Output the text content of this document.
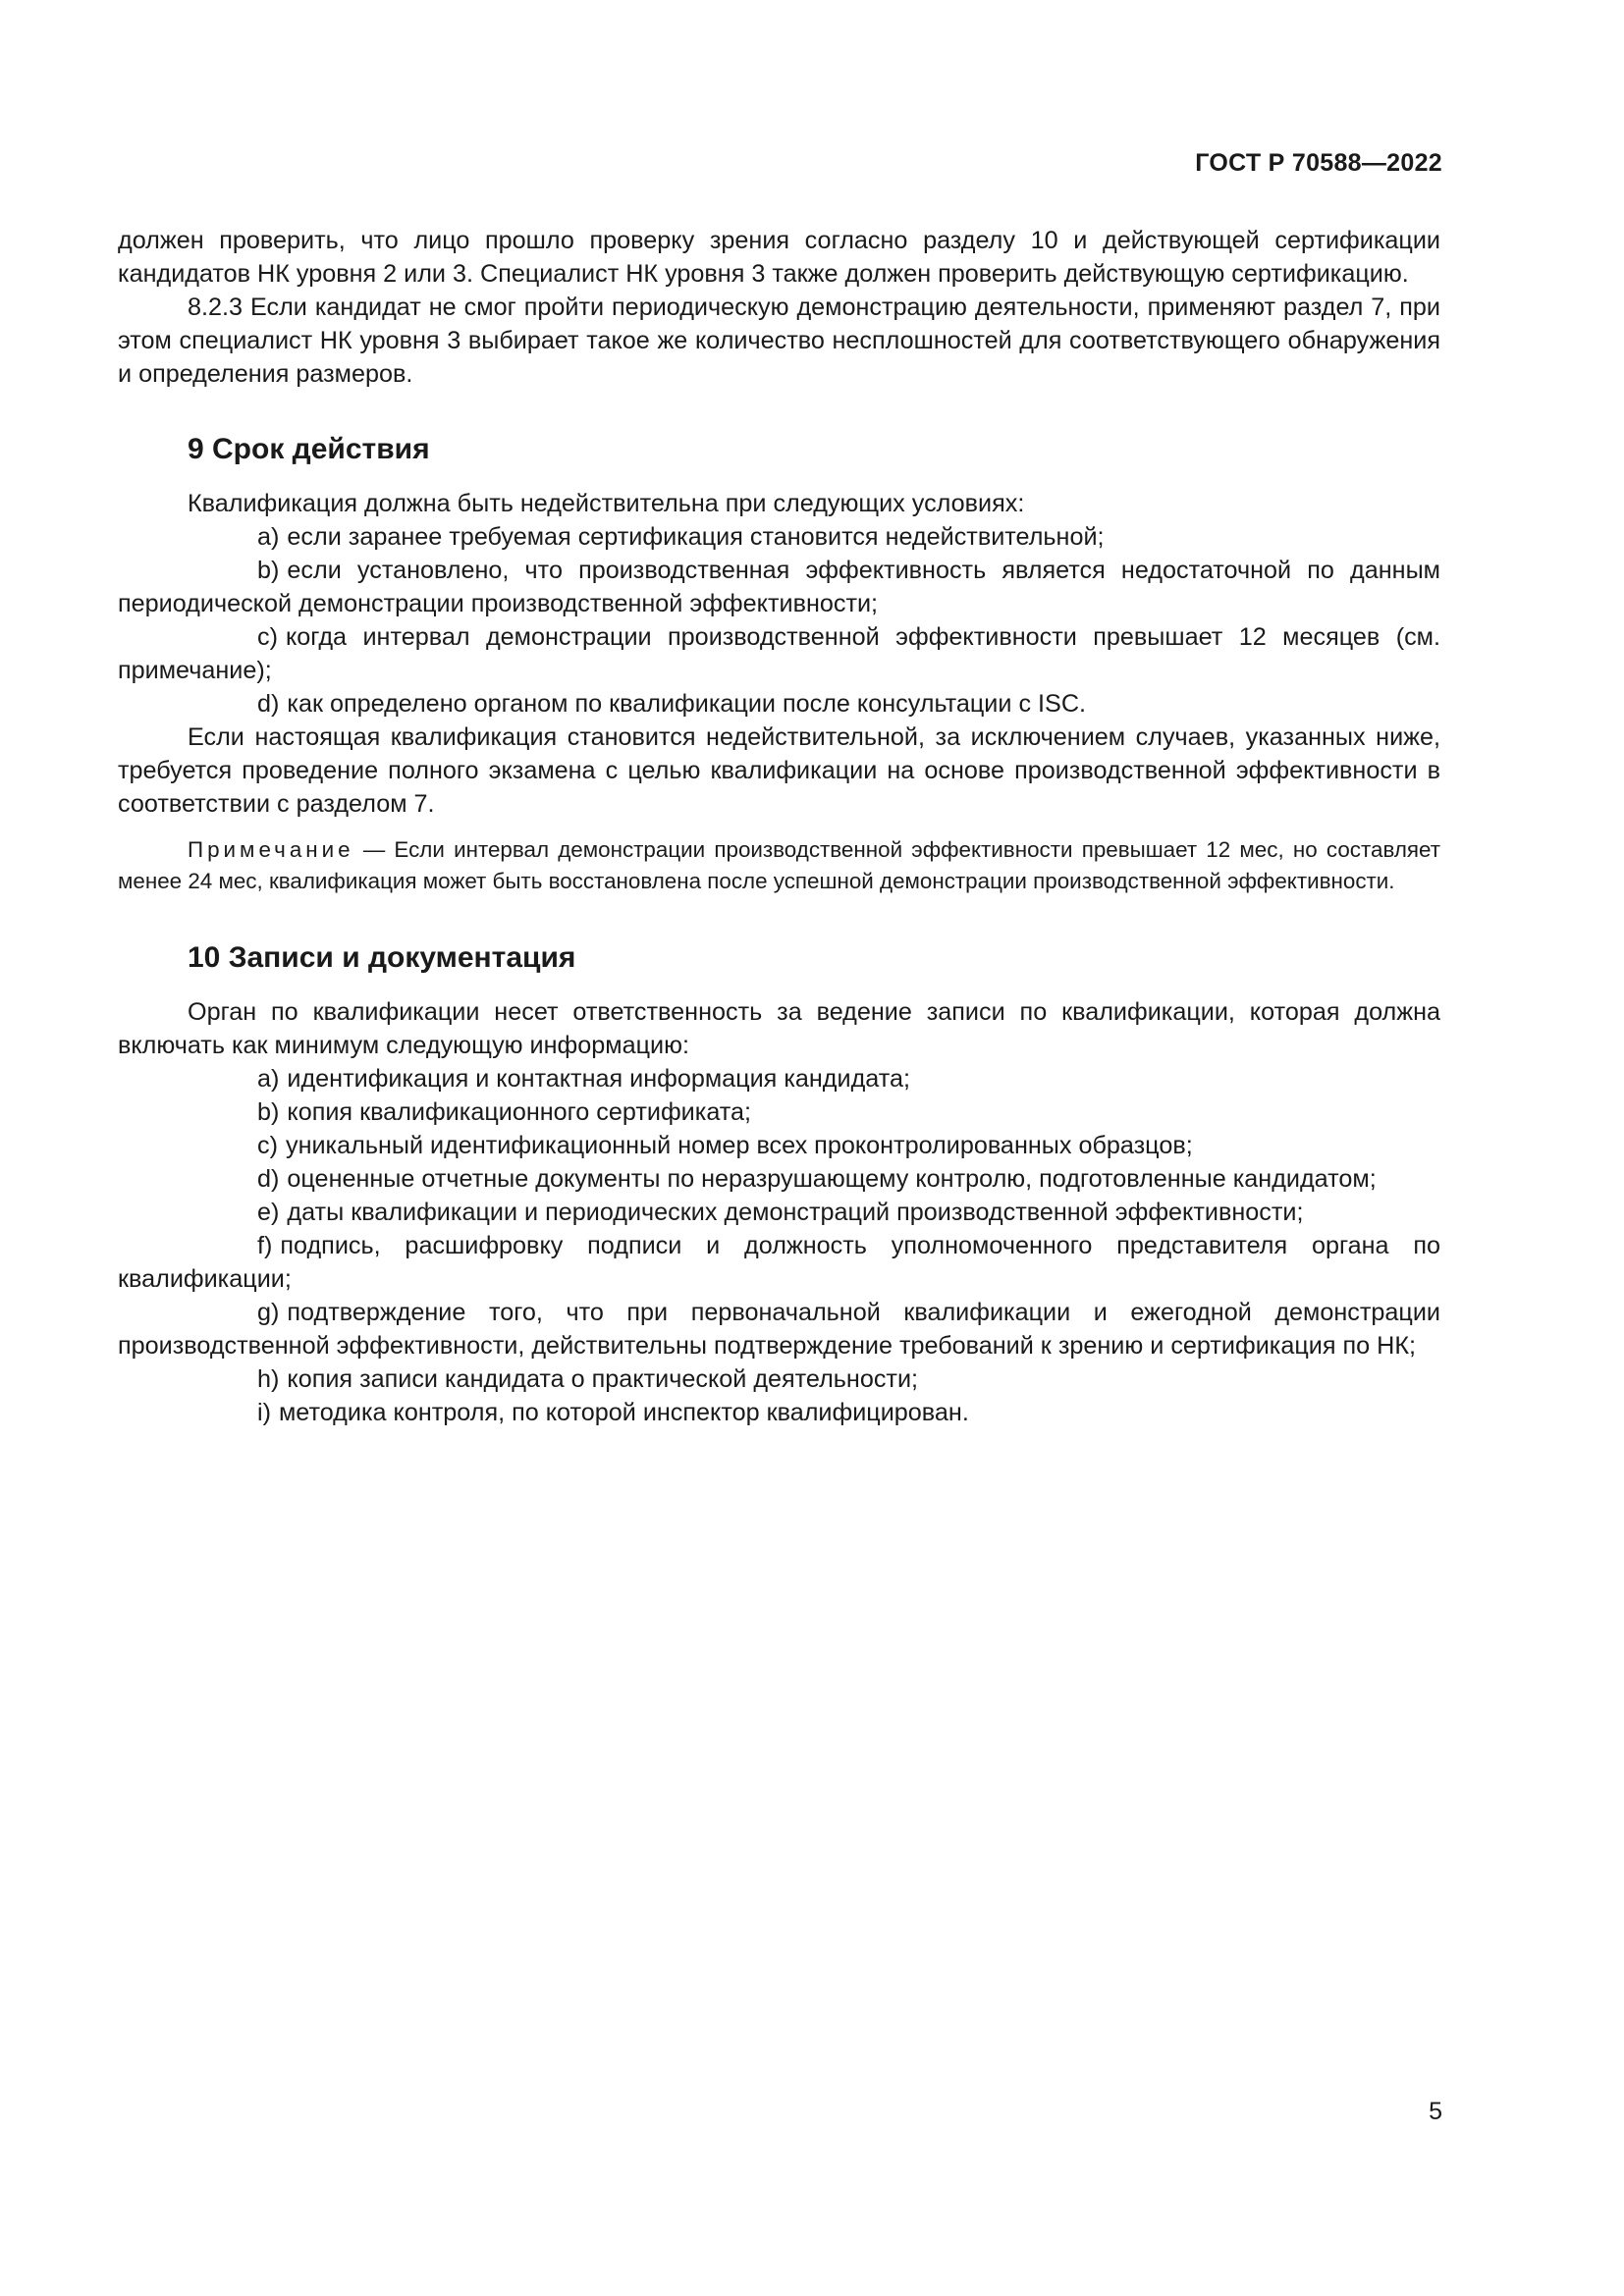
ГОСТ Р 70588—2022

должен проверить, что лицо прошло проверку зрения согласно разделу 10 и действующей сертификации кандидатов НК уровня 2 или 3. Специалист НК уровня 3 также должен проверить действующую сертификацию.

8.2.3 Если кандидат не смог пройти периодическую демонстрацию деятельности, применяют раздел 7, при этом специалист НК уровня 3 выбирает такое же количество несплошностей для соответствующего обнаружения и определения размеров.

9 Срок действия

Квалификация должна быть недействительна при следующих условиях:

a) если заранее требуемая сертификация становится недействительной;

b) если установлено, что производственная эффективность является недостаточной по данным периодической демонстрации производственной эффективности;

c) когда интервал демонстрации производственной эффективности превышает 12 месяцев (см. примечание);

d) как определено органом по квалификации после консультации с ISC.

Если настоящая квалификация становится недействительной, за исключением случаев, указанных ниже, требуется проведение полного экзамена с целью квалификации на основе производственной эффективности в соответствии с разделом 7.

Примечание — Если интервал демонстрации производственной эффективности превышает 12 мес, но составляет менее 24 мес, квалификация может быть восстановлена после успешной демонстрации производственной эффективности.

10 Записи и документация

Орган по квалификации несет ответственность за ведение записи по квалификации, которая должна включать как минимум следующую информацию:

a) идентификация и контактная информация кандидата;

b) копия квалификационного сертификата;

c) уникальный идентификационный номер всех проконтролированных образцов;

d) оцененные отчетные документы по неразрушающему контролю, подготовленные кандидатом;

e) даты квалификации и периодических демонстраций производственной эффективности;

f) подпись, расшифровку подписи и должность уполномоченного представителя органа по квалификации;

g) подтверждение того, что при первоначальной квалификации и ежегодной демонстрации производственной эффективности, действительны подтверждение требований к зрению и сертификация по НК;

h) копия записи кандидата о практической деятельности;

i) методика контроля, по которой инспектор квалифицирован.

5
